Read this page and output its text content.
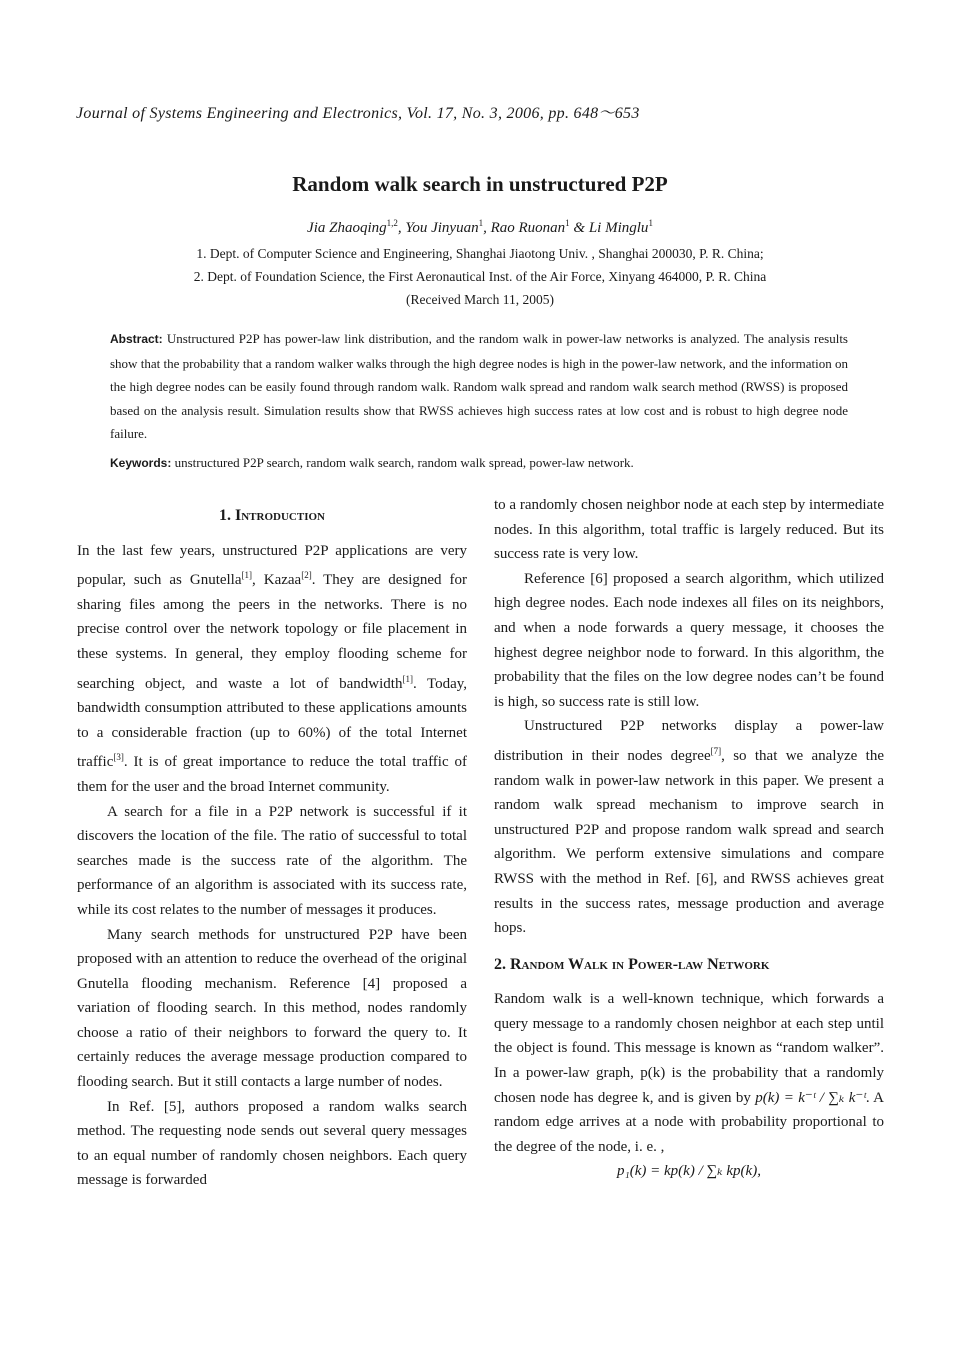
Journal of Systems Engineering and Electronics, Vol. 17, No. 3, 2006, pp. 648～653
Random walk search in unstructured P2P
Jia Zhaoqing$^{1,2}$, You Jinyuan$^1$, Rao Ruonan$^1$ & Li Minglu$^1$
1. Dept. of Computer Science and Engineering, Shanghai Jiaotong Univ. , Shanghai 200030, P. R. China;
2. Dept. of Foundation Science, the First Aeronautical Inst. of the Air Force, Xinyang 464000, P. R. China
(Received March 11, 2005)
Abstract: Unstructured P2P has power-law link distribution, and the random walk in power-law networks is analyzed. The analysis results show that the probability that a random walker walks through the high degree nodes is high in the power-law network, and the information on the high degree nodes can be easily found through random walk. Random walk spread and random walk search method (RWSS) is proposed based on the analysis result. Simulation results show that RWSS achieves high success rates at low cost and is robust to high degree node failure.
Keywords: unstructured P2P search, random walk search, random walk spread, power-law network.

1. Introduction

In the last few years, unstructured P2P applications are very popular, such as Gnutella[1], Kazaa[2]. They are designed for sharing files among the peers in the networks. There is no precise control over the network topology or file placement in these systems. In general, they employ flooding scheme for searching object, and waste a lot of bandwidth[1]. Today, bandwidth consumption attributed to these applications amounts to a considerable fraction (up to 60%) of the total Internet traffic[3]. It is of great importance to reduce the total traffic of them for the user and the broad Internet community.

A search for a file in a P2P network is successful if it discovers the location of the file. The ratio of successful to total searches made is the success rate of the algorithm. The performance of an algorithm is associated with its success rate, while its cost relates to the number of messages it produces.

Many search methods for unstructured P2P have been proposed with an attention to reduce the overhead of the original Gnutella flooding mechanism. Reference [4] proposed a variation of flooding search. In this method, nodes randomly choose a ratio of their neighbors to forward the query to. It certainly reduces the average message production compared to flooding search. But it still contacts a large number of nodes.

In Ref. [5], authors proposed a random walks search method. The requesting node sends out several query messages to an equal number of randomly chosen neighbors. Each query message is forwarded

to a randomly chosen neighbor node at each step by intermediate nodes. In this algorithm, total traffic is largely reduced. But its success rate is very low.

Reference [6] proposed a search algorithm, which utilized high degree nodes. Each node indexes all files on its neighbors, and when a node forwards a query message, it chooses the highest degree neighbor node to forward. In this algorithm, the probability that the files on the low degree nodes can’t be found is high, so success rate is still low.

Unstructured P2P networks display a power-law distribution in their nodes degree[7], so that we analyze the random walk in power-law network in this paper. We present a random walk spread mechanism to improve search in unstructured P2P and propose random walk spread and search algorithm. We perform extensive simulations and compare RWSS with the method in Ref. [6], and RWSS achieves great results in the success rates, message production and average hops.

2. Random Walk in Power-law Network

Random walk is a well-known technique, which forwards a query message to a randomly chosen neighbor at each step until the object is found. This message is known as “random walker”. In a power-law graph, p(k) is the probability that a randomly chosen node has degree k, and is given by p(k) = k⁻ᵗ / ∑ₖ k⁻ᵗ. A random edge arrives at a node with probability proportional to the degree of the node, i. e. ,

p₁(k) = kp(k) / ∑ₖ kp(k),
